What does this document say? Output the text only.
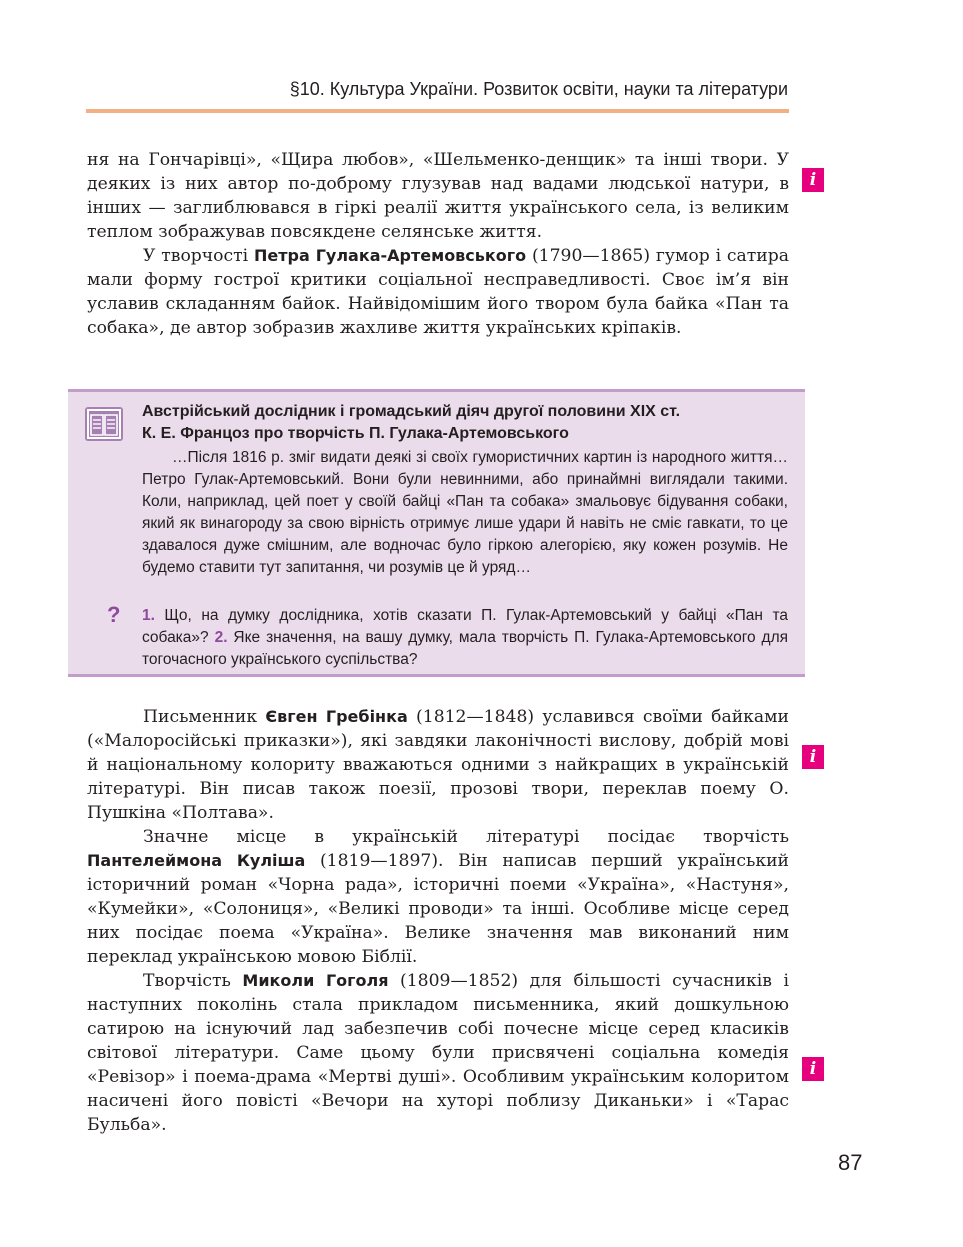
§10. Культура України. Розвиток освіти, науки та літератури

ня на Гончарівці», «Щира любов», «Шельменко-денщик» та інші твори. У деяких із них автор по-доброму глузував над вадами людської натури, в інших — заглиблювався в гіркі реалії життя українського села, із великим теплом зображував повсякдене селянське життя.

У творчості Петра Гулака-Артемовського (1790—1865) гумор і сатира мали форму гострої критики соціальної несправедливості. Своє ім’я він уславив складанням байок. Найвідомішим його твором була байка «Пан та собака», де автор зобразив жахливе життя українських кріпаків.

i
Австрійський дослідник і громадський діяч другої половини ХІХ ст.
К. Е. Францоз про творчість П. Гулака-Артемовського
…Після 1816 р. зміг видати деякі зі своїх гумористичних картин із народного життя… Петро Гулак-Артемовський. Вони були невинними, або принаймні виглядали такими. Коли, наприклад, цей поет у своїй байці «Пан та собака» змальовує бідування собаки, який як винагороду за свою вірність отримує лише удари й навіть не сміє гавкати, то це здавалося дуже смішним, але водночас було гіркою алегорією, яку кожен розумів. Не будемо ставити тут запитання, чи розумів це й уряд…
? 1. Що, на думку дослідника, хотів сказати П. Гулак-Артемовський у байці «Пан та собака»? 2. Яке значення, на вашу думку, мала творчість П. Гулака-Артемовського для тогочасного українського суспільства?

Письменник Євген Гребінка (1812—1848) уславився своїми байками («Малоросійські приказки»), які завдяки лаконічності вислову, добрій мові й національному колориту вважаються одними з найкращих в українській літературі. Він писав також поезії, прозові твори, переклав поему О. Пушкіна «Полтава».

Значне місце в українській літературі посідає творчість Пантелеймона Куліша (1819—1897). Він написав перший український історичний роман «Чорна рада», історичні поеми «Україна», «Настуня», «Кумейки», «Солониця», «Великі проводи» та інші. Особливе місце серед них посідає поема «Україна». Велике значення мав виконаний ним переклад українською мовою Біблії.

Творчість Миколи Гоголя (1809—1852) для більшості сучасників і наступних поколінь стала прикладом письменника, який дошкульною сатирою на існуючий лад забезпечив собі почесне місце серед класиків світової літератури. Саме цьому були присвячені соціальна комедія «Ревізор» і поема-драма «Мертві душі». Особливим українським колоритом насичені його повісті «Вечори на хуторі поблизу Диканьки» і «Тарас Бульба».

i
i
87
